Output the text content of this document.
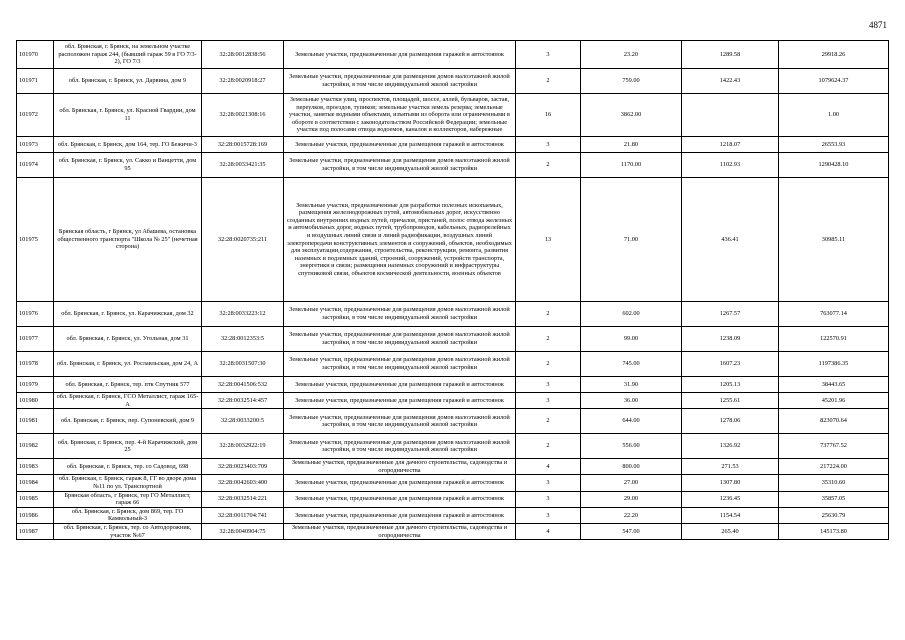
4871
101970	обл. Брянская, г. Брянск, на земельном участке расположен гараж 244, (бывший гараж 59 в ГО 7/3-2), ГО 7/3	32:28:0012838:56	Земельные участки, предназначенные для размещения гаражей и автостоянок	3	23.20	1289.58	29918.26
101971	обл. Брянская, г. Брянск, ул. Дарвина, дом 9	32:28:0020918:27	Земельные участки, предназначенные для размещения домов малоэтажной жилой застройки, в том числе индивидуальной жилой застройки	2	759.00	1422.43	1079624.37
101972	обл. Брянская, г. Брянск, ул. Красной Гвардии, дом 11	32:28:0021308:16	Земельные участки улиц, проспектов, площадей, шоссе, аллей, бульваров, застав, переулков, проездов, тупиков; земельные участки земель резерва; земельные участки, занятые водными объектами, изъятыми из оборота или ограниченными в обороте в соответствии с законодательством Российской Федерации; земельные участки под полосами отвода водоемов, каналов и коллекторов, набережные	16	3862.00		1.00
101973	обл. Брянская, г. Брянск, дом 164, тер. ГО Бежичи-3	32:28:0015728:169	Земельные участки, предназначенные для размещения гаражей и автостоянок	3	21.80	1218.07	26553.93
101974	обл. Брянская, г. Брянск, ул. Сакко и Ванцетти, дом 95	32:28:0033421:35	Земельные участки, предназначенные для размещения домов малоэтажной жилой застройки, в том числе индивидуальной жилой застройки	2	1170.00	1102.93	1290428.10
101975	Брянская область, г Брянск, ул Абашева, остановка общественного транспорта "Школа № 25" (нечетная сторона)	32:28:0020735:211	Земельные участки, предназначенные для разработки полезных ископаемых, размещения железнодорожных путей, автомобильных дорог, искусственно созданных внутренних водных путей, причалов, пристаней, полос отвода железных и автомобильных дорог, водных путей, трубопроводов, кабельных, радиорелейных и воздушных линий связи и линий радиофикации, воздушных линий электропередачи конструктивных элементов и сооружений, объектов, необходимых для эксплуатации,содержания, строительства, реконструкции, ремонта, развития наземных и подземных зданий, строений, сооружений, устройств транспорта, энергетики и связи; размещения наземных сооружений и инфраструктуры спутниковой связи, объектов космической деятельности, военных объектов	13	71.00	436.41	30985.11
101976	обл. Брянская, г. Брянск, ул. Карачижская, дом 32	32:28:0033223:12	Земельные участки, предназначенные для размещения домов малоэтажной жилой застройки, в том числе индивидуальной жилой застройки	2	602.00	1267.57	763077.14
101977	обл. Брянская, г. Брянск, ул. Угольная, дом 31	32:28:0012353:5	Земельные участки, предназначенные для размещения домов малоэтажной жилой застройки, в том числе индивидуальной жилой застройки	2	99.00	1238.09	122570.91
101978	обл. Брянская, г. Брянск, ул. Рославльская, дом 24, А	32:28:0031507:30	Земельные участки, предназначенные для размещения домов малоэтажной жилой застройки, в том числе индивидуальной жилой застройки	2	745.00	1607.23	1197386.35
101979	обл. Брянская, г. Брянск, тер. птк Спутник 577	32:28:0041506:532	Земельные участки, предназначенные для размещения гаражей и автостоянок	3	31.90	1205.13	38443.65
101980	обл. Брянская, г. Брянск, ГСО Металлист, гараж 165-А	32:28:0032514:457	Земельные участки, предназначенные для размещения гаражей и автостоянок	3	36.00	1255.61	45201.96
101981	обл. Брянская, г. Брянск, пер. Супоневский, дом 9	32:28:0033200:5	Земельные участки, предназначенные для размещения домов малоэтажной жилой застройки, в том числе индивидуальной жилой застройки	2	644.00	1278.06	823070.64
101982	обл. Брянская, г. Брянск, пер. 4-й Карачижский, дом 25	32:28:0032922:19	Земельные участки, предназначенные для размещения домов малоэтажной жилой застройки, в том числе индивидуальной жилой застройки	2	556.00	1326.92	737767.52
101983	обл. Брянская, г. Брянск, тер. со Садовод, 698	32:28:0023403:709	Земельные участки, предназначенные для дачного строительства, садоводства и огородничества	4	800.00	271.53	217224.00
101984	обл. Брянская, г. Брянск, гараж 8, ГГ во дворе дома №11 по ул. Транспортной	32:28:0042603:400	Земельные участки, предназначенные для размещения гаражей и автостоянок	3	27.00	1307.80	35310.60
101985	Брянская область, г Брянск, тер ГО Металлист, гараж 66	32:28:0032514:221	Земельные участки, предназначенные для размещения гаражей и автостоянок	3	29.00	1236.45	35857.05
101986	обл. Брянская, г. Брянск, дом 869, тер. ГО Камвольный-3	32:28:0011704:741	Земельные участки, предназначенные для размещения гаражей и автостоянок	3	22.20	1154.54	25630.79
101987	обл. Брянская, г. Брянск, тер. со Автодорожник, участок №67	32:28:0040904:75	Земельные участки, предназначенные для дачного строительства, садоводства и огородничества	4	547.00	265.40	145173.80
